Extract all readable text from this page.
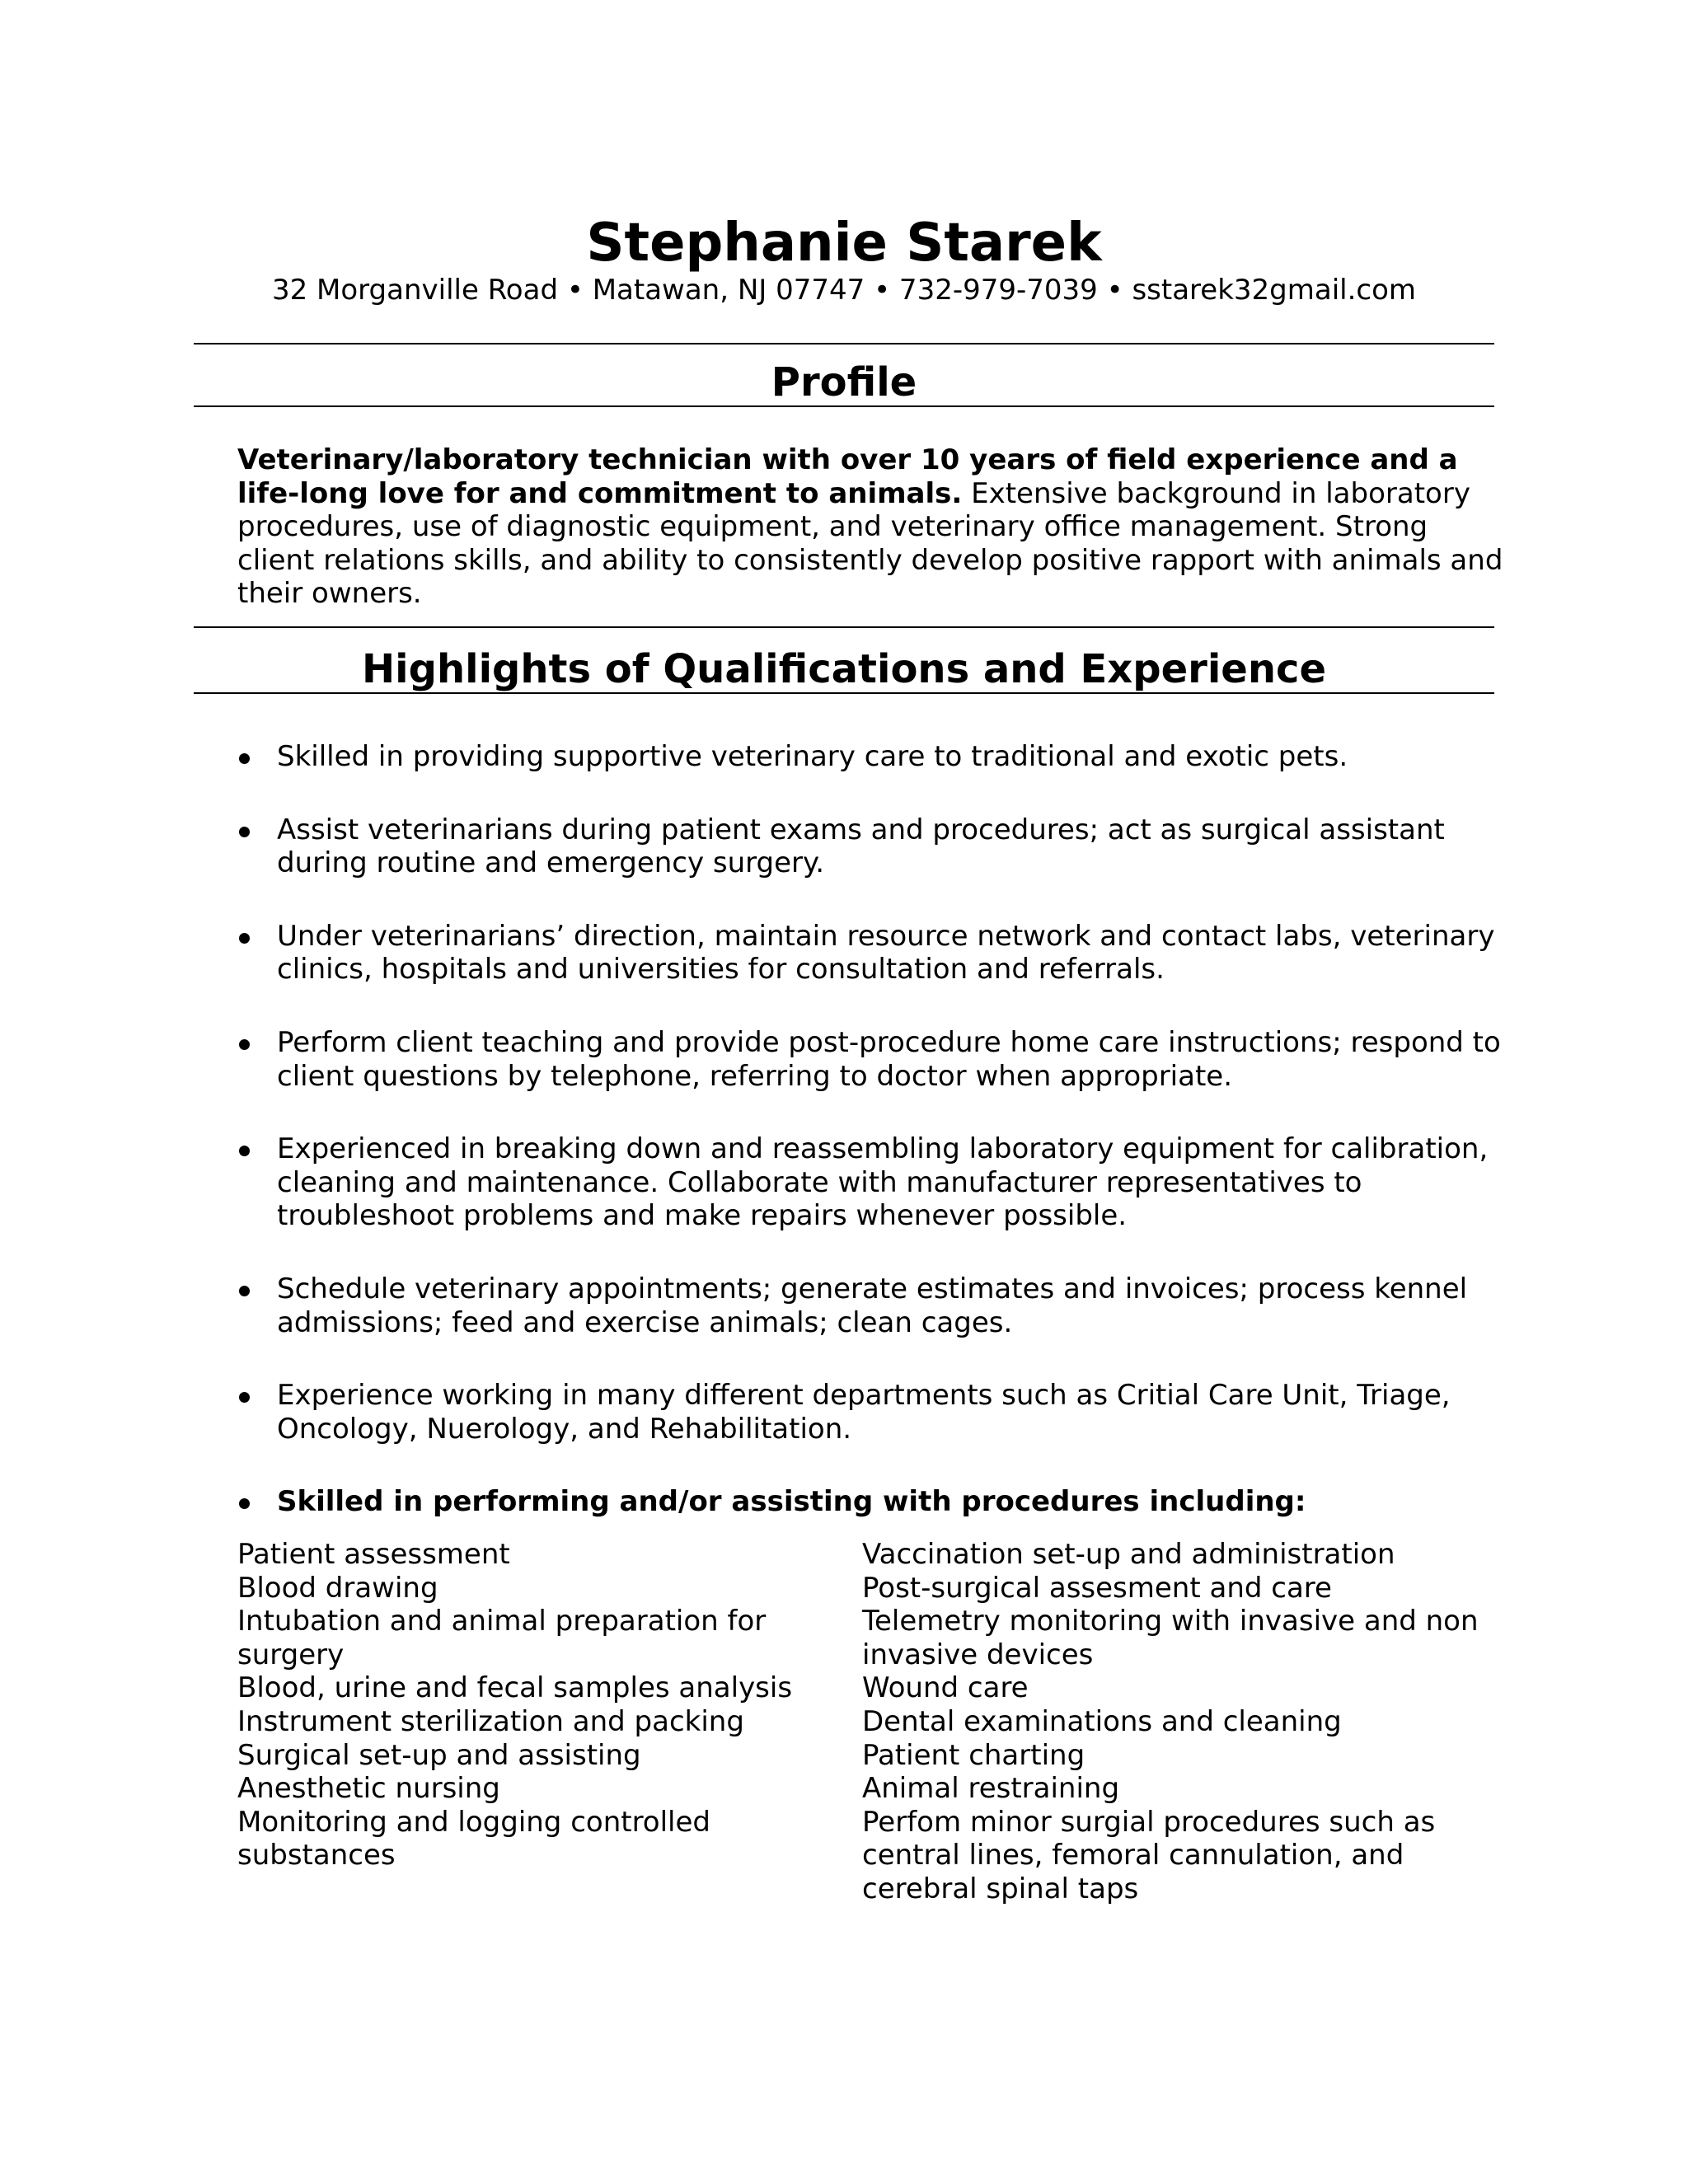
Stephanie Starek
32 Morganville Road • Matawan, NJ 07747 • 732-979-7039 • sstarek32gmail.com
Profile
Veterinary/laboratory technician with over 10 years of field experience and a life-long love for and commitment to animals. Extensive background in laboratory procedures, use of diagnostic equipment, and veterinary office management. Strong client relations skills, and ability to consistently develop positive rapport with animals and their owners.
Highlights of Qualifications and Experience
Skilled in providing supportive veterinary care to traditional and exotic pets.
Assist veterinarians during patient exams and procedures; act as surgical assistant during routine and emergency surgery.
Under veterinarians’ direction, maintain resource network and contact labs, veterinary clinics, hospitals and universities for consultation and referrals.
Perform client teaching and provide post-procedure home care instructions; respond to client questions by telephone, referring to doctor when appropriate.
Experienced in breaking down and reassembling laboratory equipment for calibration, cleaning and maintenance. Collaborate with manufacturer representatives to troubleshoot problems and make repairs whenever possible.
Schedule veterinary appointments; generate estimates and invoices; process kennel admissions; feed and exercise animals; clean cages.
Experience working in many different departments such as Critial Care Unit, Triage, Oncology, Nuerology, and Rehabilitation.
Skilled in performing and/or assisting with procedures including:
Patient assessment
Blood drawing
Intubation and animal preparation for surgery
Blood, urine and fecal samples analysis
Instrument sterilization and packing
Surgical set-up and assisting
Anesthetic nursing
Monitoring and logging controlled substances
Vaccination set-up and administration
Post-surgical assesment and care
Telemetry monitoring with invasive and non invasive devices
Wound care
Dental examinations and cleaning
Patient charting
Animal restraining
Perfom minor surgial procedures such as central lines, femoral cannulation, and cerebral spinal taps
